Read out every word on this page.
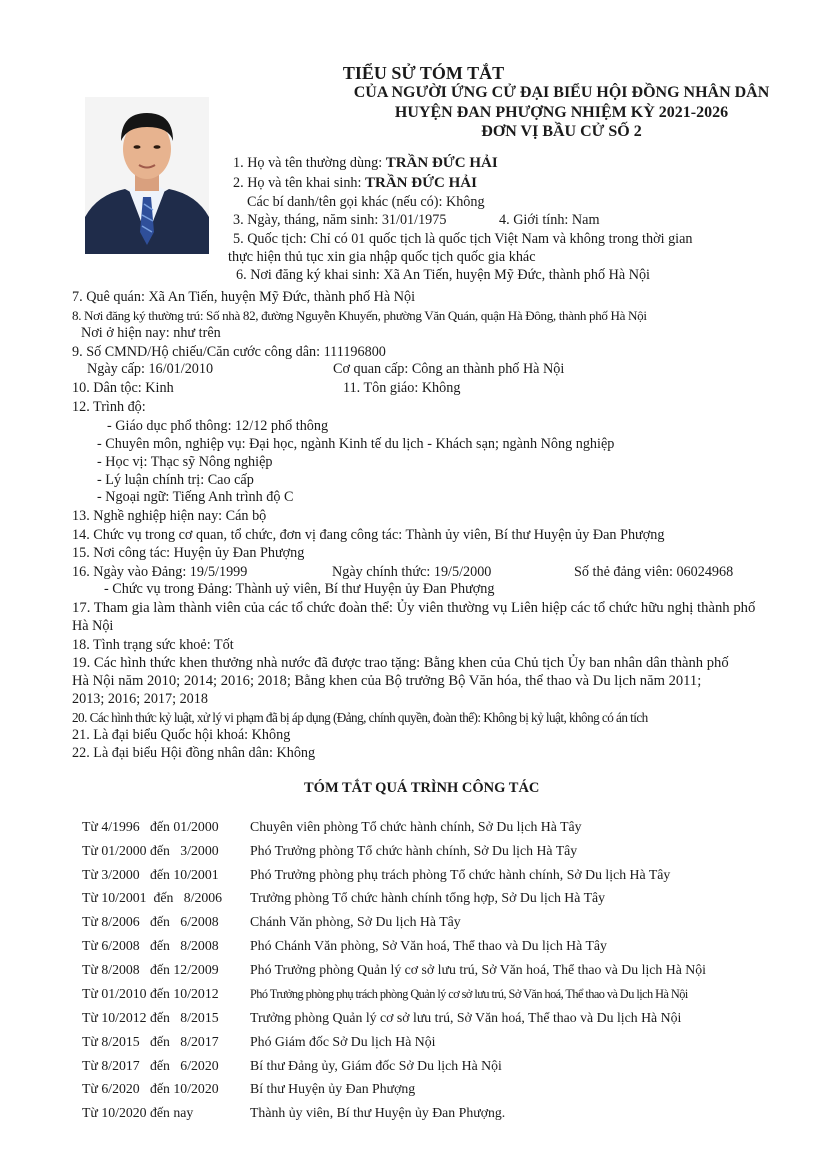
TIỂU SỬ TÓM TẮT
CỦA NGƯỜI ỨNG CỬ ĐẠI BIỂU HỘI ĐỒNG NHÂN DÂN
HUYỆN ĐAN PHƯỢNG NHIỆM KỲ 2021-2026
ĐƠN VỊ BẦU CỬ SỐ 2
1. Họ và tên thường dùng: TRẦN ĐỨC HẢI
2. Họ và tên khai sinh: TRẦN ĐỨC HẢI
Các bí danh/tên gọi khác (nếu có): Không
3. Ngày, tháng, năm sinh: 31/01/1975	4. Giới tính: Nam
5. Quốc tịch: Chỉ có 01 quốc tịch là quốc tịch Việt Nam và không trong thời gian
thực hiện thủ tục xin gia nhập quốc tịch quốc gia khác
6. Nơi đăng ký khai sinh: Xã An Tiến, huyện Mỹ Đức, thành phố Hà Nội
7. Quê quán: Xã An Tiến, huyện Mỹ Đức, thành phố Hà Nội
8. Nơi đăng ký thường trú: Số nhà 82, đường Nguyễn Khuyến, phường Văn Quán, quận Hà Đông, thành phố Hà Nội
Nơi ở hiện nay: như trên
9. Số CMND/Hộ chiếu/Căn cước công dân: 111196800
Ngày cấp: 16/01/2010	Cơ quan cấp: Công an thành phố Hà Nội
10. Dân tộc: Kinh	11. Tôn giáo: Không
12. Trình độ:
- Giáo dục phổ thông: 12/12 phổ thông
- Chuyên môn, nghiệp vụ: Đại học, ngành Kinh tế du lịch - Khách sạn; ngành Nông nghiệp
- Học vị: Thạc sỹ Nông nghiệp
- Lý luận chính trị: Cao cấp
- Ngoại ngữ: Tiếng Anh trình độ C
13. Nghề nghiệp hiện nay: Cán bộ
14. Chức vụ trong cơ quan, tổ chức, đơn vị đang công tác: Thành ủy viên, Bí thư Huyện ủy Đan Phượng
15. Nơi công tác: Huyện ủy Đan Phượng
16. Ngày vào Đảng: 19/5/1999	Ngày chính thức: 19/5/2000	Số thẻ đảng viên: 06024968
- Chức vụ trong Đảng: Thành uỷ viên, Bí thư Huyện ủy Đan Phượng
17. Tham gia làm thành viên của các tổ chức đoàn thể: Ủy viên thường vụ Liên hiệp các tổ chức hữu nghị thành phố
Hà Nội
18. Tình trạng sức khoẻ: Tốt
19. Các hình thức khen thưởng nhà nước đã được trao tặng: Bằng khen của Chủ tịch Ủy ban nhân dân thành phố
Hà Nội năm 2010; 2014; 2016; 2018; Bằng khen của Bộ trưởng Bộ Văn hóa, thể thao và Du lịch năm 2011;
2013; 2016; 2017; 2018
20. Các hình thức kỷ luật, xử lý vi phạm đã bị áp dụng (Đảng, chính quyền, đoàn thể): Không bị kỷ luật, không có án tích
21. Là đại biểu Quốc hội khoá: Không
22. Là đại biểu Hội đồng nhân dân: Không
TÓM TẮT QUÁ TRÌNH CÔNG TÁC
Từ 4/1996   đến 01/2000 Chuyên viên phòng Tổ chức hành chính, Sở Du lịch Hà Tây
Từ 01/2000 đến   3/2000 Phó Trưởng phòng Tổ chức hành chính, Sở Du lịch Hà Tây
Từ 3/2000   đến 10/2001 Phó Trưởng phòng phụ trách phòng Tổ chức hành chính, Sở Du lịch Hà Tây
Từ 10/2001  đến   8/2006 Trưởng phòng Tổ chức hành chính tổng hợp, Sở Du lịch Hà Tây
Từ 8/2006   đến   6/2008 Chánh Văn phòng, Sở Du lịch Hà Tây
Từ 6/2008   đến   8/2008 Phó Chánh Văn phòng, Sở Văn hoá, Thể thao và Du lịch Hà Tây
Từ 8/2008   đến 12/2009 Phó Trưởng phòng Quản lý cơ sở lưu trú, Sở Văn hoá, Thể thao và Du lịch Hà Nội
Từ 01/2010 đến 10/2012	Phó Trưởng phòng phụ trách phòng Quản lý cơ sở lưu trú, Sở Văn hoá, Thể thao và Du lịch Hà Nội
Từ 10/2012 đến   8/2015 Trưởng phòng Quản lý cơ sở lưu trú, Sở Văn hoá, Thể thao và Du lịch Hà Nội
Từ 8/2015   đến   8/2017 Phó Giám đốc Sở Du lịch Hà Nội
Từ 8/2017   đến   6/2020 Bí thư Đảng ủy, Giám đốc Sở Du lịch Hà Nội
Từ 6/2020   đến 10/2020 Bí thư Huyện ủy Đan Phượng
Từ 10/2020 đến nay	Thành ủy viên, Bí thư Huyện ủy Đan Phượng.
